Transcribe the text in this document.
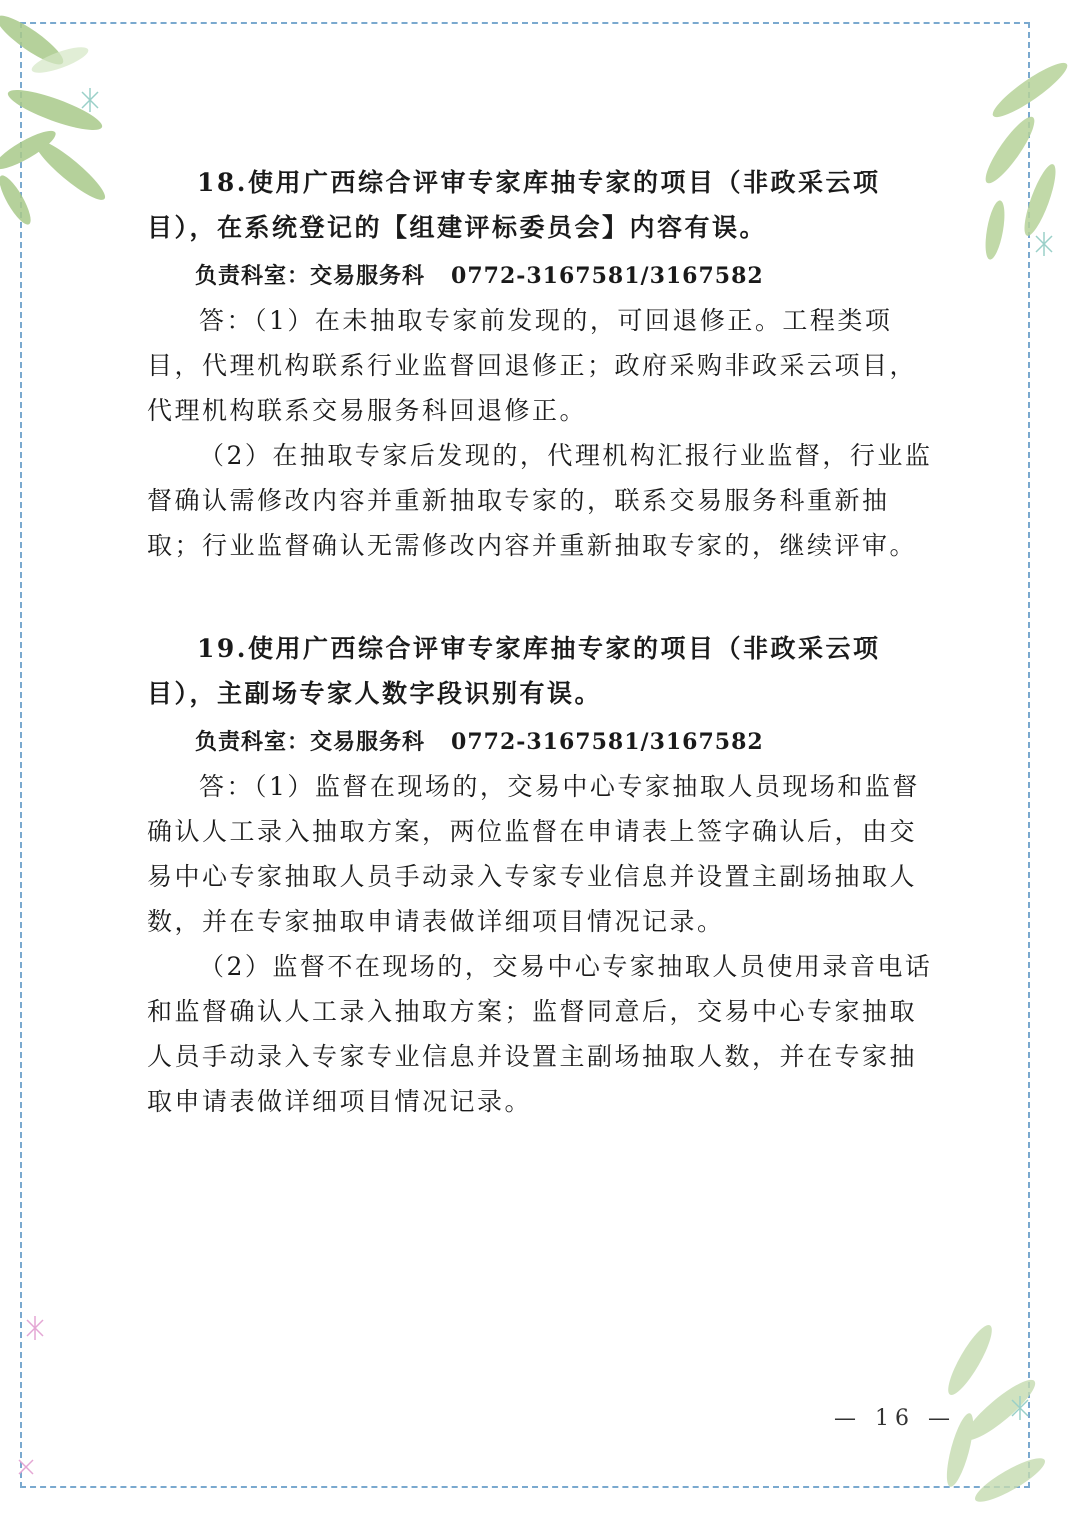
18.使用广西综合评审专家库抽专家的项目（非政采云项目），在系统登记的【组建评标委员会】内容有误。

负责科室：交易服务科 0772-3167581/3167582

答：（1）在未抽取专家前发现的，可回退修正。工程类项目，代理机构联系行业监督回退修正；政府采购非政采云项目，代理机构联系交易服务科回退修正。

（2）在抽取专家后发现的，代理机构汇报行业监督，行业监督确认需修改内容并重新抽取专家的，联系交易服务科重新抽取；行业监督确认无需修改内容并重新抽取专家的，继续评审。

19.使用广西综合评审专家库抽专家的项目（非政采云项目），主副场专家人数字段识别有误。

负责科室：交易服务科 0772-3167581/3167582

答：（1）监督在现场的，交易中心专家抽取人员现场和监督确认人工录入抽取方案，两位监督在申请表上签字确认后，由交易中心专家抽取人员手动录入专家专业信息并设置主副场抽取人数，并在专家抽取申请表做详细项目情况记录。

（2）监督不在现场的，交易中心专家抽取人员使用录音电话和监督确认人工录入抽取方案；监督同意后，交易中心专家抽取人员手动录入专家专业信息并设置主副场抽取人数，并在专家抽取申请表做详细项目情况记录。

— 16 —
